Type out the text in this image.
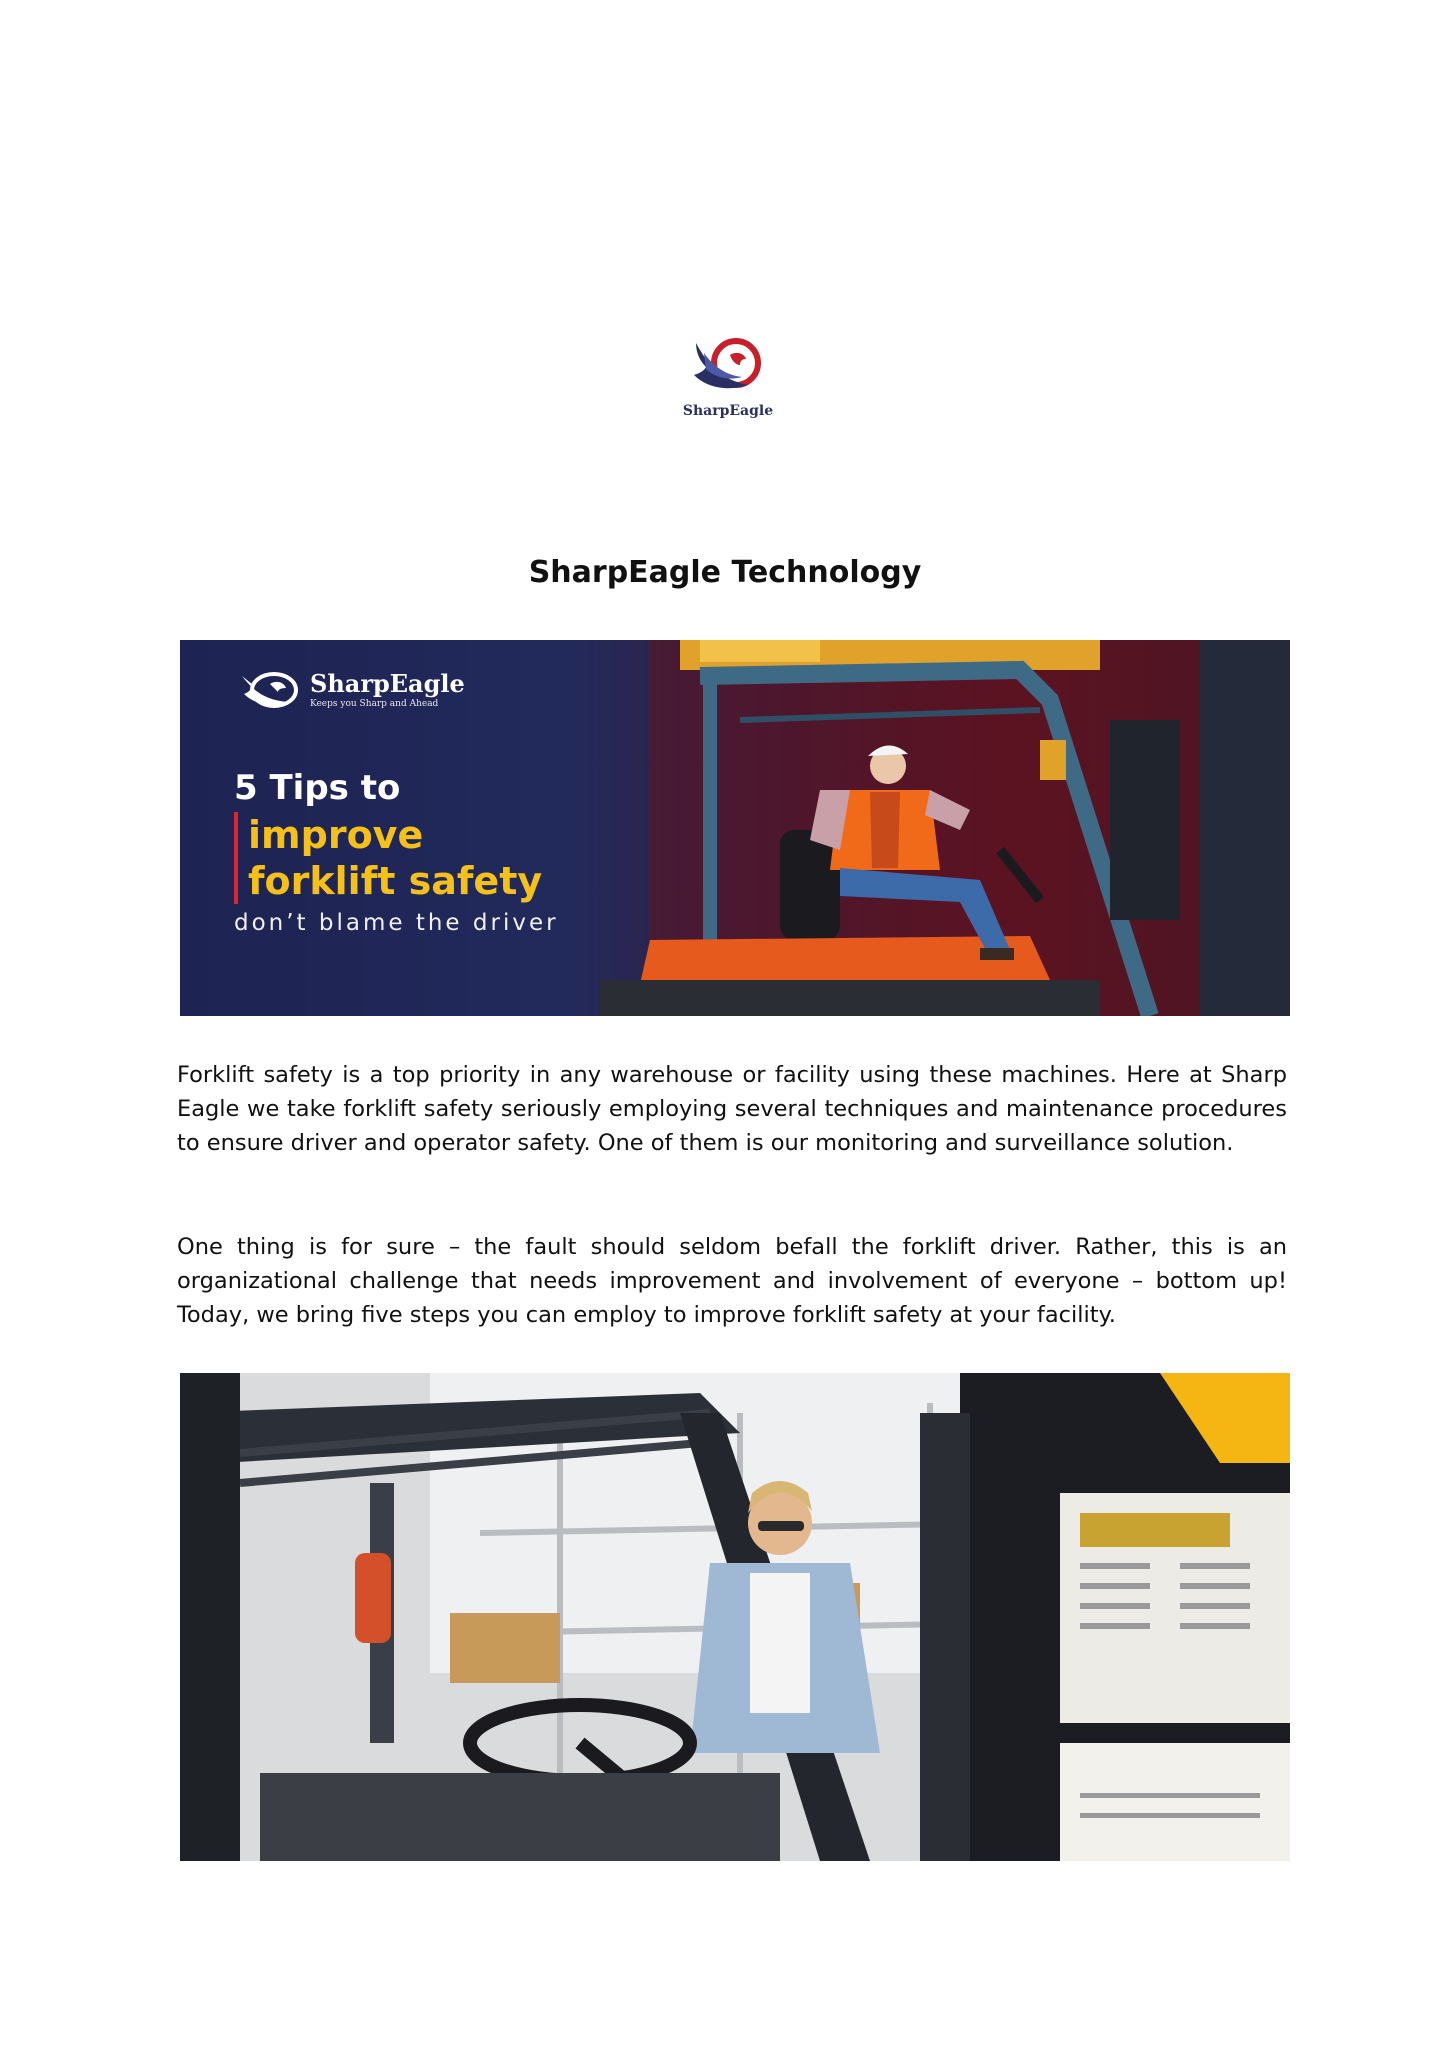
SharpEagle
SharpEagle Technology
SharpEagle
Keeps you Sharp and Ahead
5 Tips to
improve
forklift safety
don’t blame the driver

Forklift safety is a top priority in any warehouse or facility using these machines. Here at Sharp Eagle we take forklift safety seriously employing several techniques and maintenance procedures to ensure driver and operator safety. One of them is our monitoring and surveillance solution.

One thing is for sure – the fault should seldom befall the forklift driver. Rather, this is an organizational challenge that needs improvement and involvement of everyone – bottom up! Today, we bring five steps you can employ to improve forklift safety at your facility.
